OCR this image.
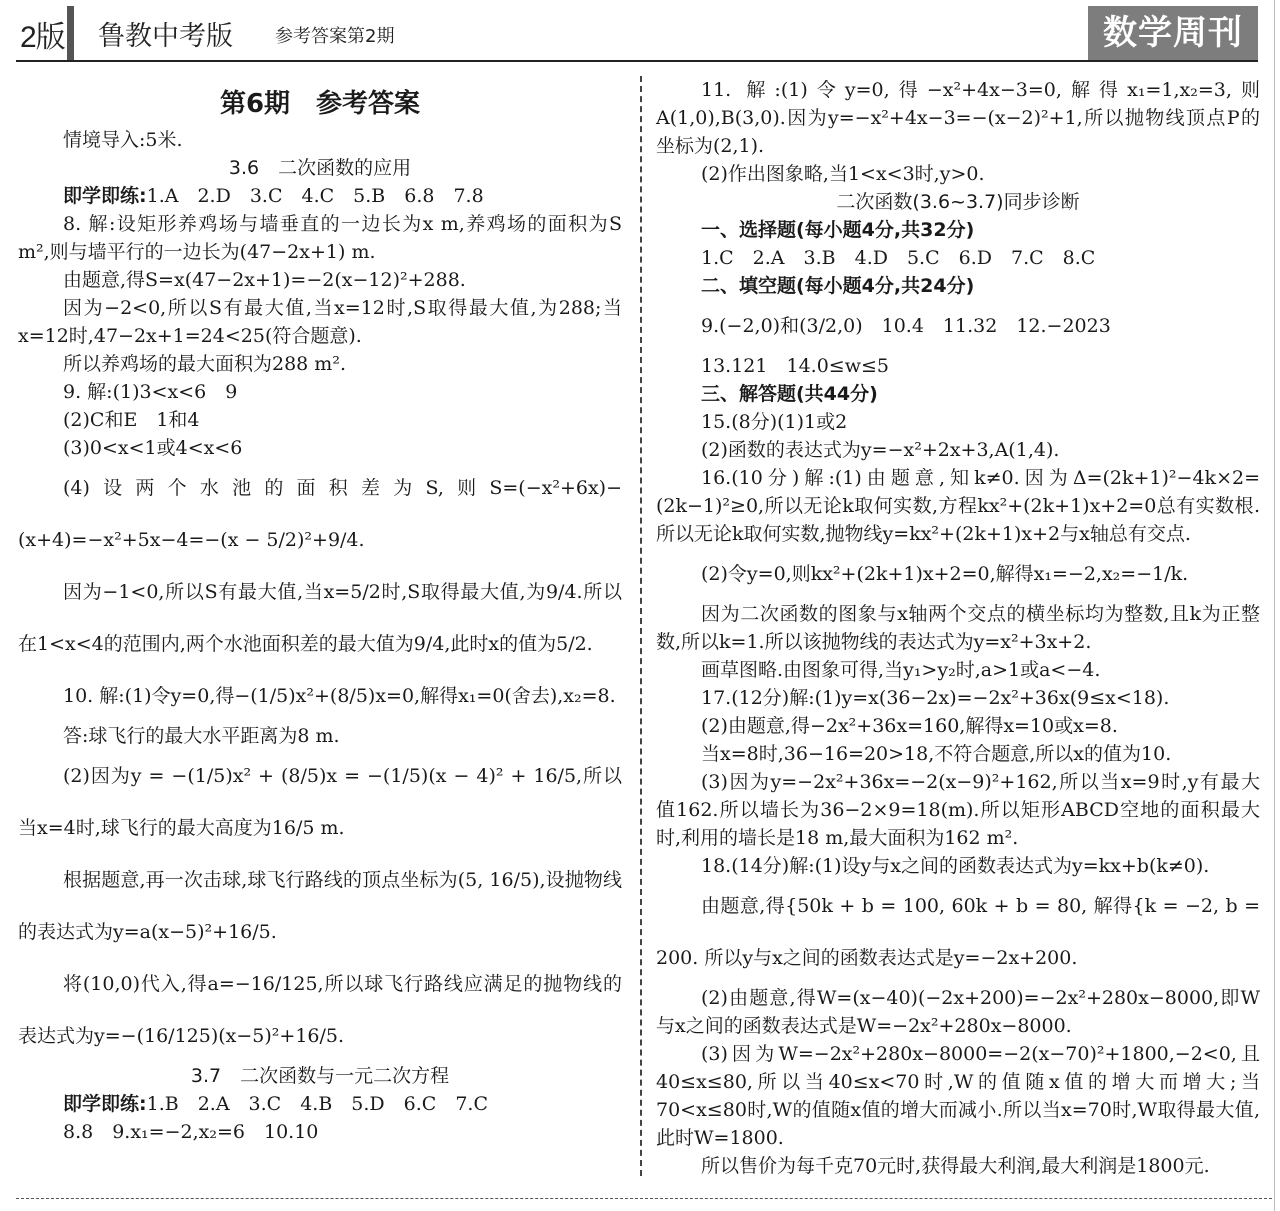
2版 鲁教中考版 参考答案第2期	数学周刊

第6期　参考答案

情境导入:5米.

3.6　二次函数的应用

即学即练:1.A　2.D　3.C　4.C　5.B　6.8　7.8

8. 解:设矩形养鸡场与墙垂直的一边长为x m,养鸡场的面积为S m²,则与墙平行的一边长为(47−2x+1) m.

由题意,得S=x(47−2x+1)=−2(x−12)²+288.

因为−2<0,所以S有最大值,当x=12时,S取得最大值,为288;当x=12时,47−2x+1=24<25(符合题意).

所以养鸡场的最大面积为288 m².

9. 解:(1)3<x<6　9

(2)C和E　1和4

(3)0<x<1或4<x<6

(4)设两个水池的面积差为S,则S=(−x²+6x)−(x+4)=−x²+5x−4=−(x − 5/2)²+9/4.

因为−1<0,所以S有最大值,当x=5/2时,S取得最大值,为9/4.所以在1<x<4的范围内,两个水池面积差的最大值为9/4,此时x的值为5/2.

10. 解:(1)令y=0,得−(1/5)x²+(8/5)x=0,解得x₁=0(舍去),x₂=8.

答:球飞行的最大水平距离为8 m.

(2)因为y = −(1/5)x² + (8/5)x = −(1/5)(x − 4)² + 16/5,所以当x=4时,球飞行的最大高度为16/5 m.

根据题意,再一次击球,球飞行路线的顶点坐标为(5, 16/5),设抛物线的表达式为y=a(x−5)²+16/5.

将(10,0)代入,得a=−16/125,所以球飞行路线应满足的抛物线的表达式为y=−(16/125)(x−5)²+16/5.

3.7　二次函数与一元二次方程

即学即练:1.B　2.A　3.C　4.B　5.D　6.C　7.C

8.8　9.x₁=−2,x₂=6　10.10

11. 解:(1)令y=0,得−x²+4x−3=0,解得x₁=1,x₂=3,则A(1,0),B(3,0).因为y=−x²+4x−3=−(x−2)²+1,所以抛物线顶点P的坐标为(2,1).

(2)作出图象略,当1<x<3时,y>0.

二次函数(3.6~3.7)同步诊断

一、选择题(每小题4分,共32分)

1.C　2.A　3.B　4.D　5.C　6.D　7.C　8.C

二、填空题(每小题4分,共24分)

9.(−2,0)和(3/2,0)　10.4　11.32　12.−2023

13.121　14.0≤w≤5

三、解答题(共44分)

15.(8分)(1)1或2

(2)函数的表达式为y=−x²+2x+3,A(1,4).

16.(10分)解:(1)由题意,知k≠0.因为Δ=(2k+1)²−4k×2=(2k−1)²≥0,所以无论k取何实数,方程kx²+(2k+1)x+2=0总有实数根.所以无论k取何实数,抛物线y=kx²+(2k+1)x+2与x轴总有交点.

(2)令y=0,则kx²+(2k+1)x+2=0,解得x₁=−2,x₂=−1/k.

因为二次函数的图象与x轴两个交点的横坐标均为整数,且k为正整数,所以k=1.所以该抛物线的表达式为y=x²+3x+2.

画草图略.由图象可得,当y₁>y₂时,a>1或a<−4.

17.(12分)解:(1)y=x(36−2x)=−2x²+36x(9≤x<18).

(2)由题意,得−2x²+36x=160,解得x=10或x=8.

当x=8时,36−16=20>18,不符合题意,所以x的值为10.

(3)因为y=−2x²+36x=−2(x−9)²+162,所以当x=9时,y有最大值162.所以墙长为36−2×9=18(m).所以矩形ABCD空地的面积最大时,利用的墙长是18 m,最大面积为162 m².

18.(14分)解:(1)设y与x之间的函数表达式为y=kx+b(k≠0).

由题意,得{50k + b = 100, 60k + b = 80, 解得{k = −2, b = 200. 所以y与x之间的函数表达式是y=−2x+200.

(2)由题意,得W=(x−40)(−2x+200)=−2x²+280x−8000,即W与x之间的函数表达式是W=−2x²+280x−8000.

(3)因为W=−2x²+280x−8000=−2(x−70)²+1800,−2<0,且40≤x≤80,所以当40≤x<70时,W的值随x值的增大而增大;当70<x≤80时,W的值随x值的增大而减小.所以当x=70时,W取得最大值,此时W=1800.

所以售价为每千克70元时,获得最大利润,最大利润是1800元.
